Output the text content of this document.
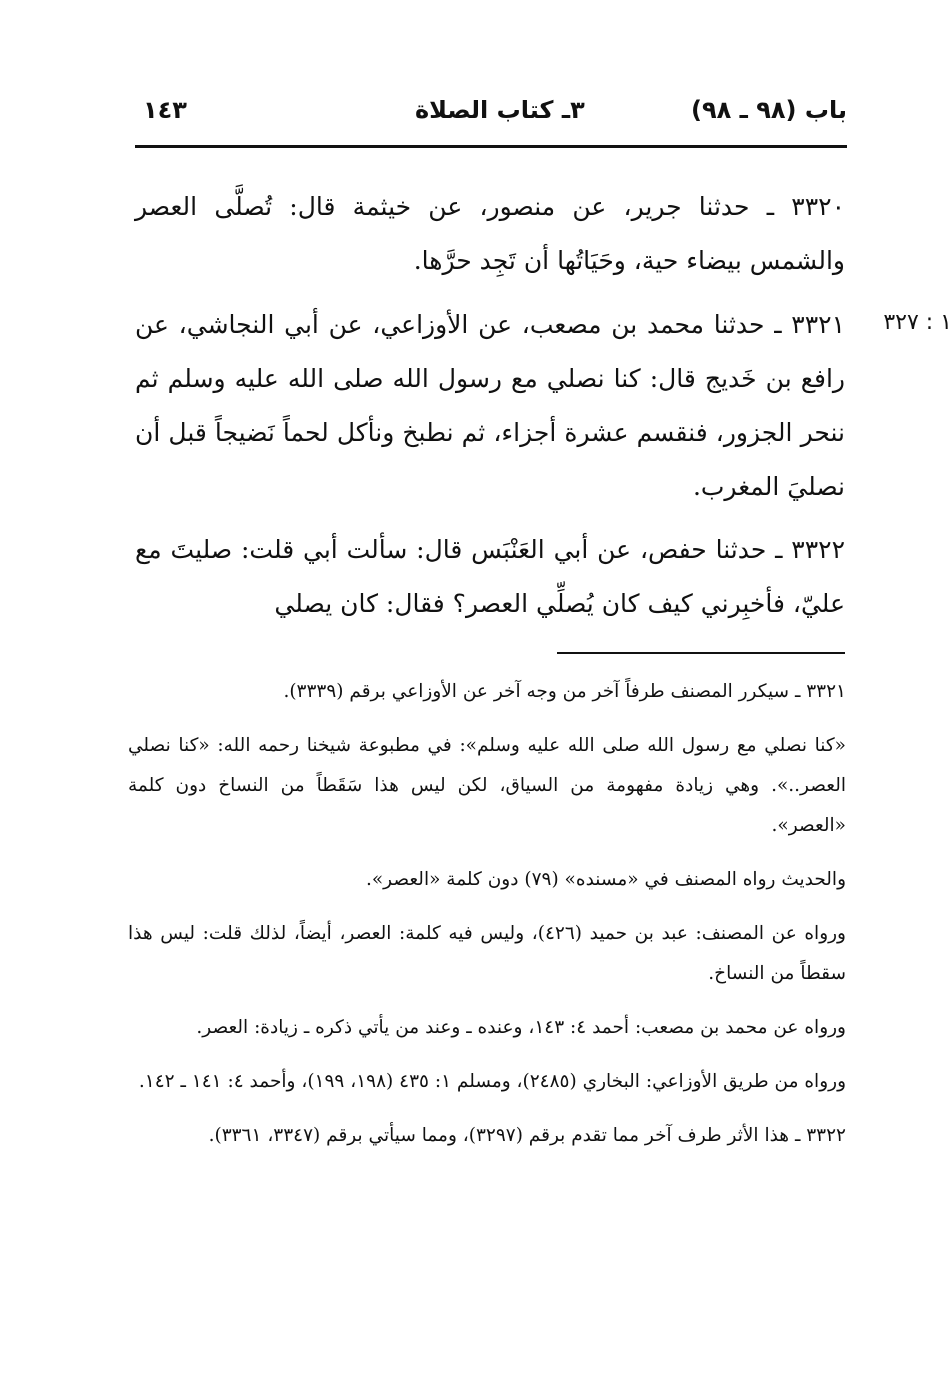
باب (٩٨ ـ ٩٨)
٣ـ كتاب الصلاة
١٤٣
٣٣٢٠ ـ حدثنا جرير، عن منصور، عن خيثمة قال: تُصلَّى العصر والشمس بيضاء حية، وحَيَاتُها أن تَجِد حرَّها.
١ : ٣٢٧
٣٣٢١ ـ حدثنا محمد بن مصعب، عن الأوزاعي، عن أبي النجاشي، عن رافع بن خَديج قال: كنا نصلي مع رسول الله صلى الله عليه وسلم ثم ننحر الجزور، فنقسم عشرة أجزاء، ثم نطبخ ونأكل لحماً نَضيجاً قبل أن نصليَ المغرب.
٣٣٢٢ ـ حدثنا حفص، عن أبي العَنْبَس قال: سألت أبي قلت: صليتَ مع عليّ، فأخبِرني كيف كان يُصلِّي العصر؟ فقال: كان يصلي

٣٣٢١ ـ سيكرر المصنف طرفاً آخر من وجه آخر عن الأوزاعي برقم (٣٣٣٩).

«كنا نصلي مع رسول الله صلى الله عليه وسلم»: في مطبوعة شيخنا رحمه الله: «كنا نصلي العصر..». وهي زيادة مفهومة من السياق، لكن ليس هذا سَقَطاً من النساخ دون كلمة «العصر».

والحديث رواه المصنف في «مسنده» (٧٩) دون كلمة «العصر».

ورواه عن المصنف: عبد بن حميد (٤٢٦)، وليس فيه كلمة: العصر، أيضاً، لذلك قلت: ليس هذا سقطاً من النساخ.

ورواه عن محمد بن مصعب: أحمد ٤: ١٤٣، وعنده ـ وعند من يأتي ذكره ـ زيادة: العصر.

ورواه من طريق الأوزاعي: البخاري (٢٤٨٥)، ومسلم ١: ٤٣٥ (١٩٨، ١٩٩)، وأحمد ٤: ١٤١ ـ ١٤٢.

٣٣٢٢ ـ هذا الأثر طرف آخر مما تقدم برقم (٣٢٩٧)، ومما سيأتي برقم (٣٣٤٧، ٣٣٦١).
